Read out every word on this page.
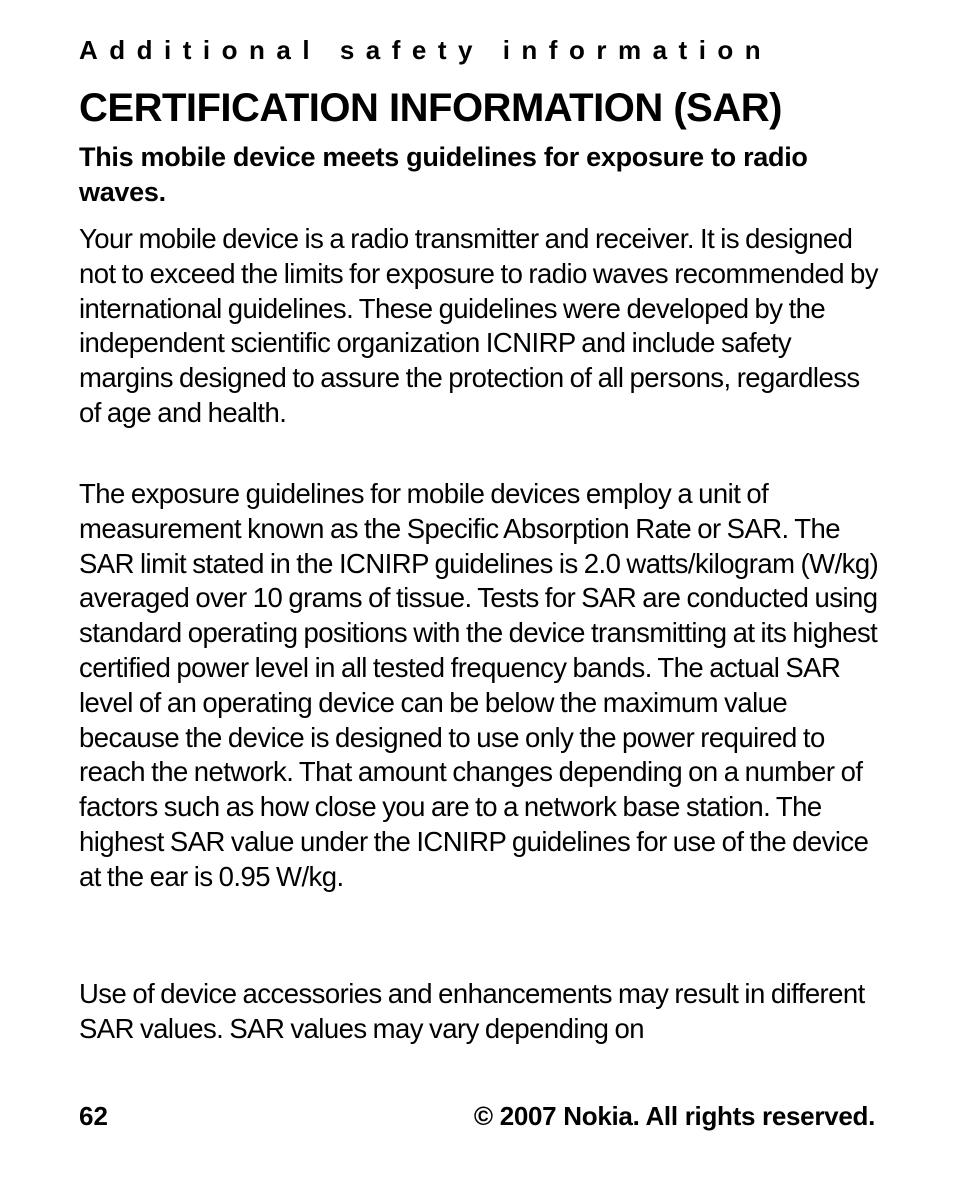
Additional safety information
CERTIFICATION INFORMATION (SAR)

This mobile device meets guidelines for exposure to radio waves.

Your mobile device is a radio transmitter and receiver. It is designed not to exceed the limits for exposure to radio waves recommended by international guidelines. These guidelines were developed by the independent scientific organization ICNIRP and include safety margins designed to assure the protection of all persons, regardless of age and health.

The exposure guidelines for mobile devices employ a unit of measurement known as the Specific Absorption Rate or SAR. The SAR limit stated in the ICNIRP guidelines is 2.0 watts/kilogram (W/kg) averaged over 10 grams of tissue. Tests for SAR are conducted using standard operating positions with the device transmitting at its highest certified power level in all tested frequency bands. The actual SAR level of an operating device can be below the maximum value because the device is designed to use only the power required to reach the network. That amount changes depending on a number of factors such as how close you are to a network base station. The highest SAR value under the ICNIRP guidelines for use of the device at the ear is 0.95 W/kg.

Use of device accessories and enhancements may result in different SAR values. SAR values may vary depending on

62	© 2007 Nokia. All rights reserved.
